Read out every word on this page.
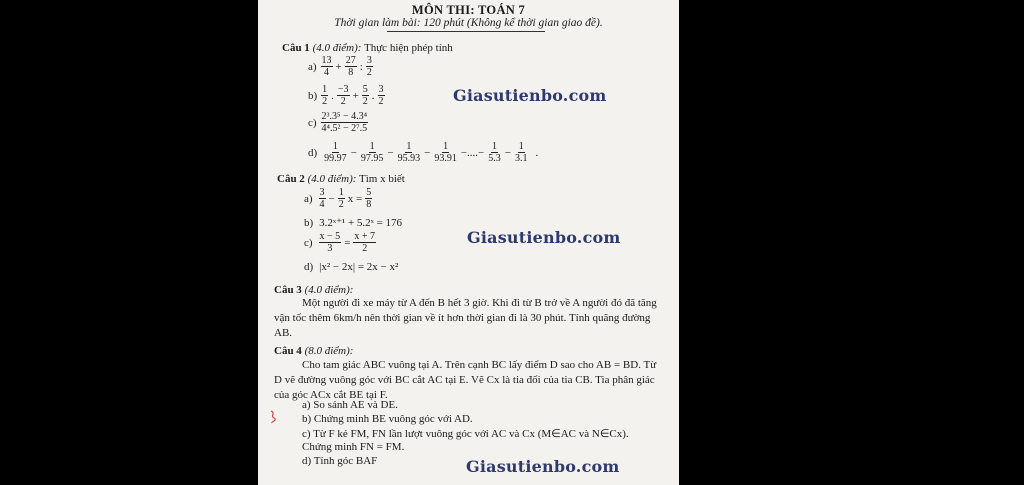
MÔN THI: TOÁN 7
Thời gian làm bài: 120 phút (Không kể thời gian giao đề).
Câu 1 (4.0 điểm): Thực hiện phép tính
$a) \frac{13}{4} + \frac{27}{8}$ : $\frac{3}{2}$
$b) \frac{1}{2}$ . $\frac{-3}{2} + \frac{5}{2}$ . $\frac{3}{2}$
$c) \frac{\text{2³.3⁵ − 4.3⁴}}{\text{4⁴.5² − 2⁷.5}}$
$d) \frac{1}{99.97} - \frac{1}{97.95} - \frac{1}{95.93} - \frac{1}{93.91}$ −....− $\frac{1}{5.3} - \frac{1}{3.1}$ .
Câu 2 (4.0 điểm): Tìm x biết
$a) \frac{3}{4} - \frac{1}{2}$ $x = \frac{5}{8}$
b) 3.2ˣ⁺¹ + 5.2ˣ = 176
$c) \frac{x - 5}{3} = \frac{x + 7}{2}$
d) |x² − 2x| = 2x − x²
Câu 3 (4.0 điểm):
Một người đi xe máy từ A đến B hết 3 giờ. Khi đi từ B trở về A người đó đã tăng vận tốc thêm 6km/h nên thời gian về ít hơn thời gian đi là 30 phút. Tính quãng đường AB.
Câu 4 (8.0 điểm):
Cho tam giác ABC vuông tại A. Trên cạnh BC lấy điểm D sao cho AB = BD. Từ D vẽ đường vuông góc với BC cắt AC tại E. Vẽ Cx là tia đối của tia CB. Tia phân giác của góc ACx cắt BE tại F.
a) So sánh AE và DE.
b) Chứng minh BE vuông góc với AD.
c) Từ F kẻ FM, FN lần lượt vuông góc với AC và Cx (M∈AC và N∈Cx).
Chứng minh FN = FM.
d) Tính góc BAF
Giasutienbo.com
Giasutienbo.com
Giasutienbo.com
